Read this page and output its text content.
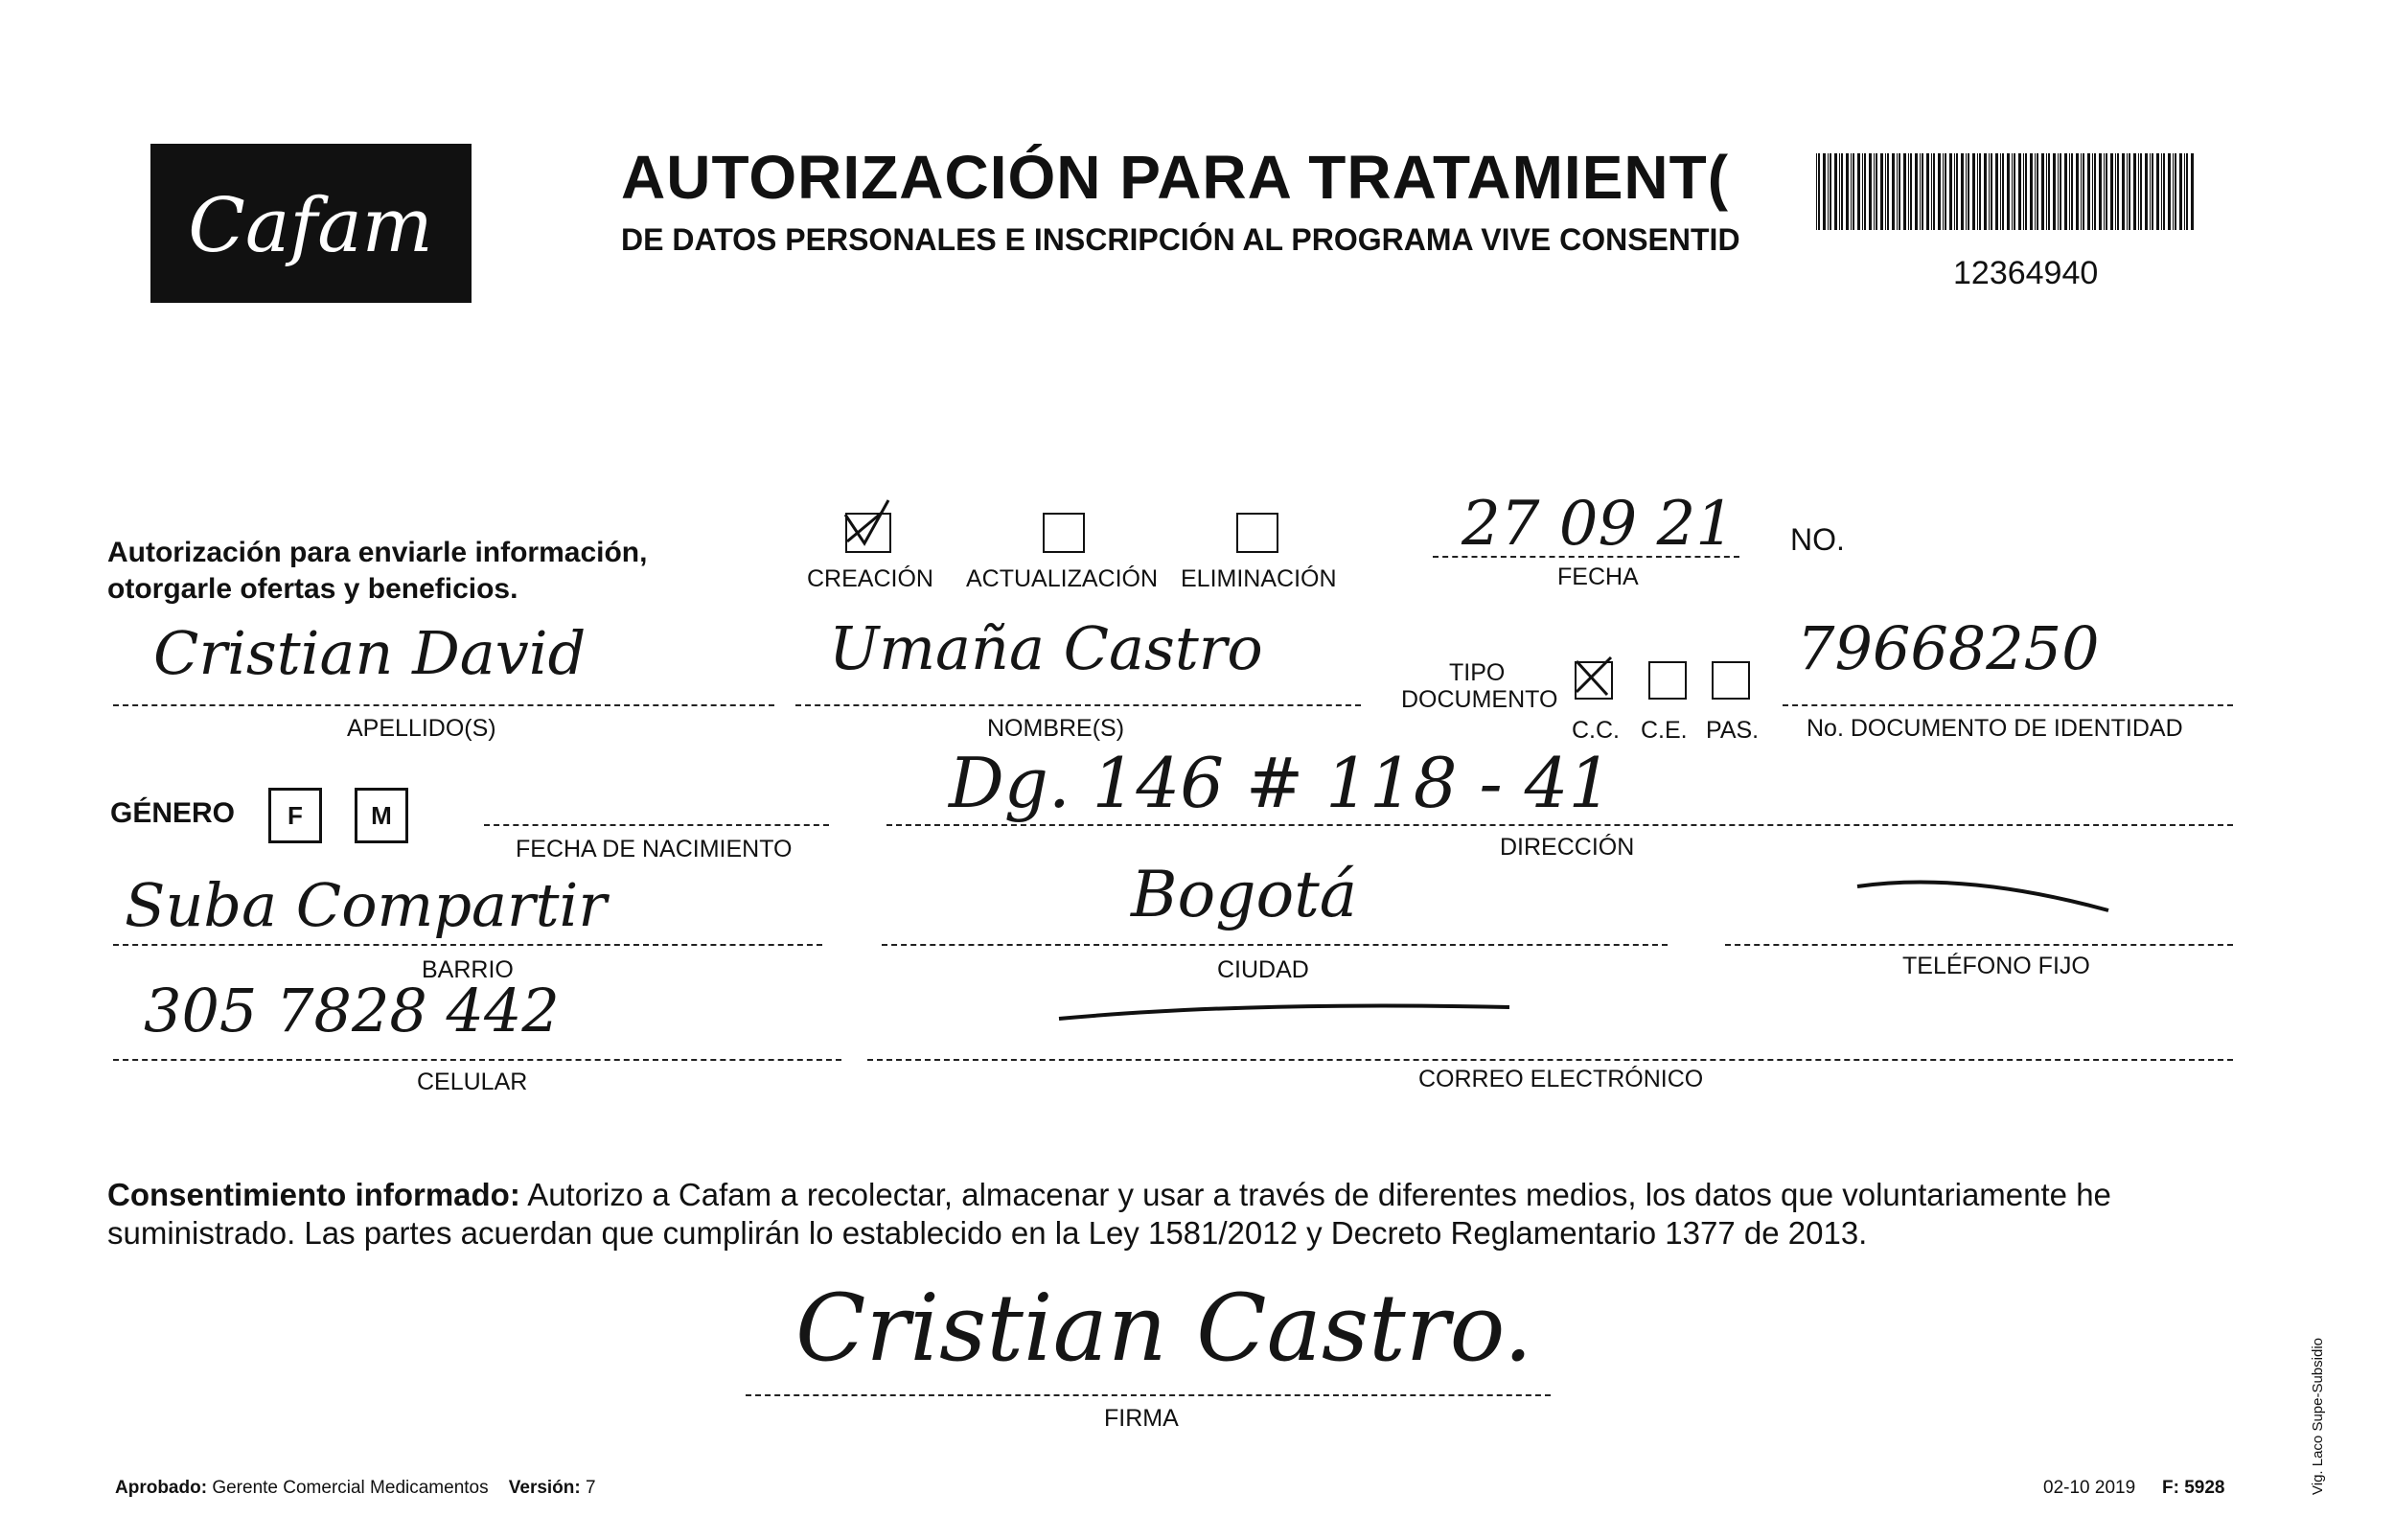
Cafam
AUTORIZACIÓN PARA TRATAMIENT(
DE DATOS PERSONALES E INSCRIPCIÓN AL PROGRAMA VIVE CONSENTID
12364940
Autorización para enviarle información,
otorgarle ofertas y beneficios.	CREACIÓN ACTUALIZACIÓN ELIMINACIÓN
27 09 21
FECHA
NO.
Cristian David
APELLIDO(S)
Umaña Castro
NOMBRE(S)
TIPO
DOCUMENTO
C.C. C.E. PAS.
79668250
No. DOCUMENTO DE IDENTIDAD
GÉNERO	F	M
FECHA DE NACIMIENTO
Dg. 146 # 118 - 41
DIRECCIÓN
Suba Compartir
BARRIO
Bogotá
CIUDAD	TELÉFONO FIJO
305 7828 442
CELULAR	CORREO ELECTRÓNICO
Consentimiento informado: Autorizo a Cafam a recolectar, almacenar y usar a través de diferentes medios, los datos que voluntariamente he suministrado. Las partes acuerdan que cumplirán lo establecido en la Ley 1581/2012 y Decreto Reglamentario 1377 de 2013.
Cristian Castro.
FIRMA
Aprobado: Gerente Comercial Medicamentos Versión: 7	02-10 2019 F: 5928	Vig. Laco Supe-Subsidio
